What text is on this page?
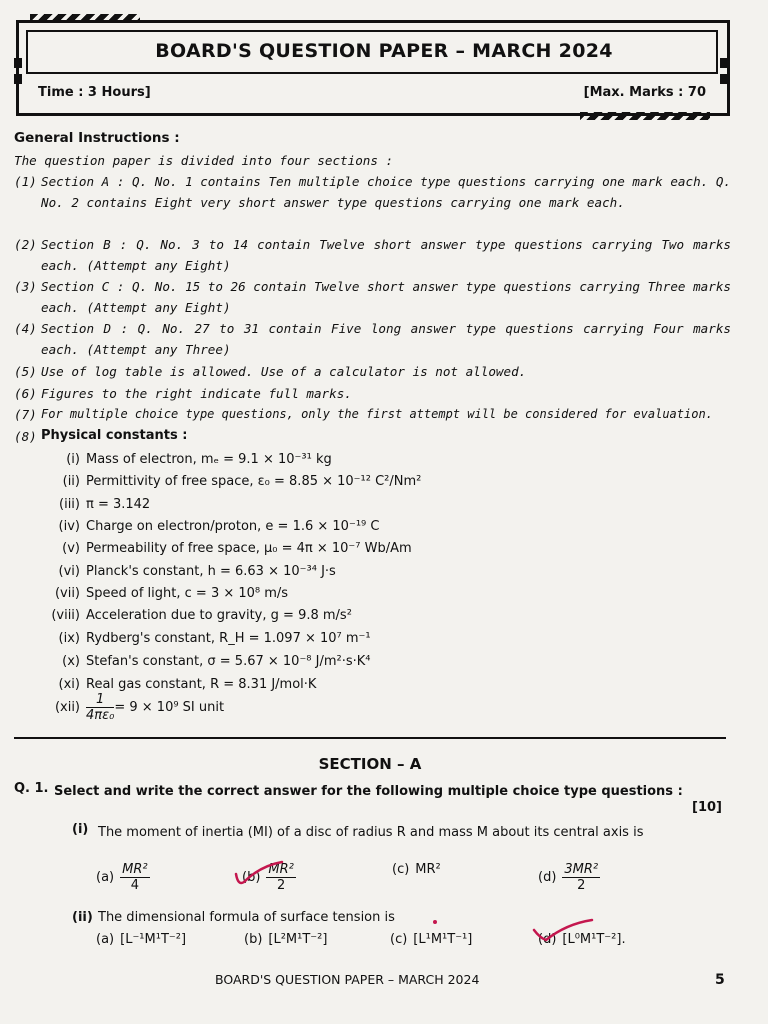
BOARD'S QUESTION PAPER – MARCH 2024
Time : 3 Hours]	[Max. Marks : 70
General Instructions :
The question paper is divided into four sections :
(1) Section A : Q. No. 1 contains Ten multiple choice type questions carrying one mark each. Q. No. 2 contains Eight very short answer type questions carrying one mark each.
(2) Section B : Q. No. 3 to 14 contain Twelve short answer type questions carrying Two marks each. (Attempt any Eight)
(3) Section C : Q. No. 15 to 26 contain Twelve short answer type questions carrying Three marks each. (Attempt any Eight)
(4) Section D : Q. No. 27 to 31 contain Five long answer type questions carrying Four marks each. (Attempt any Three)
(5) Use of log table is allowed. Use of a calculator is not allowed.
(6) Figures to the right indicate full marks.
(7) For multiple choice type questions, only the first attempt will be considered for evaluation.
(8) Physical constants :
(i) Mass of electron, mₑ = 9.1 × 10⁻³¹ kg
(ii) Permittivity of free space, ε₀ = 8.85 × 10⁻¹² C²/Nm²
(iii) π = 3.142
(iv) Charge on electron/proton, e = 1.6 × 10⁻¹⁹ C
(v) Permeability of free space, μ₀ = 4π × 10⁻⁷ Wb/Am
(vi) Planck's constant, h = 6.63 × 10⁻³⁴ J·s
(vii) Speed of light, c = 3 × 10⁸ m/s
(viii) Acceleration due to gravity, g = 9.8 m/s²
(ix) Rydberg's constant, R_H = 1.097 × 10⁷ m⁻¹
(x) Stefan's constant, σ = 5.67 × 10⁻⁸ J/m²·s·K⁴
(xi) Real gas constant, R = 8.31 J/mol·K
$(xii) \frac{1}{\text{4πε₀}} = 9 \times 10^9$ SI unit
SECTION – A
Q. 1. Select and write the correct answer for the following multiple choice type questions :
[10]
(i) The moment of inertia (MI) of a disc of radius R and mass M about its central axis is
$(a) \frac{\text{MR²}}{4}$	$(b) \frac{\text{MR²}}{2}$	(c) MR²
$(d) \frac{\text{3MR²}}{2}$
(ii) The dimensional formula of surface tension is
(a) [L⁻¹M¹T⁻²]	(b) [L²M¹T⁻²]	(c) [L¹M¹T⁻¹]	(d) [L⁰M¹T⁻²].
BOARD'S QUESTION PAPER – MARCH 2024	5
